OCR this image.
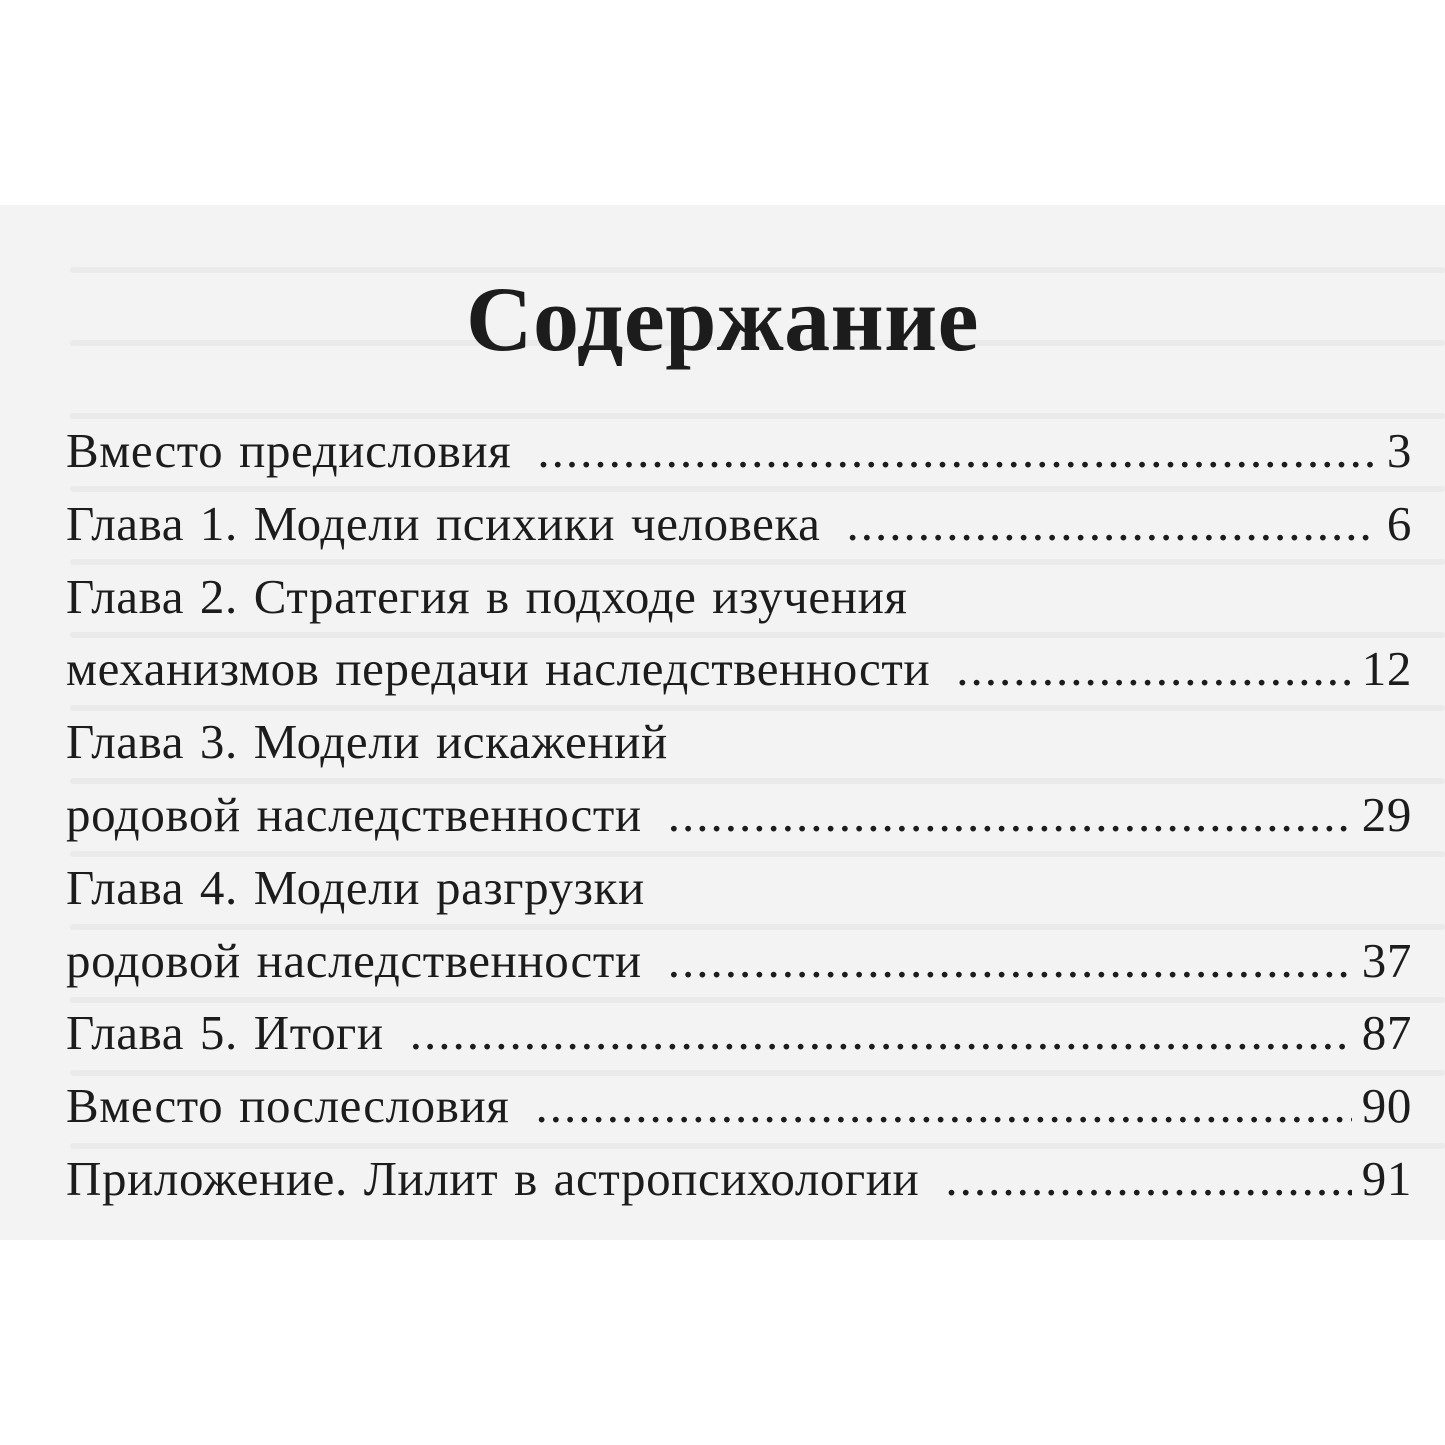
Содержание
Вместо предисловия .....	3
Глава 1. Модели психики человека .....	6
Глава 2. Стратегия в подходе изучения
механизмов передачи наследственности .....	12
Глава 3. Модели искажений
родовой наследственности .....	29
Глава 4. Модели разгрузки
родовой наследственности .....	37
Глава 5. Итоги .....	87
Вместо послесловия .....	90
Приложение. Лилит в астропсихологии .....	91
